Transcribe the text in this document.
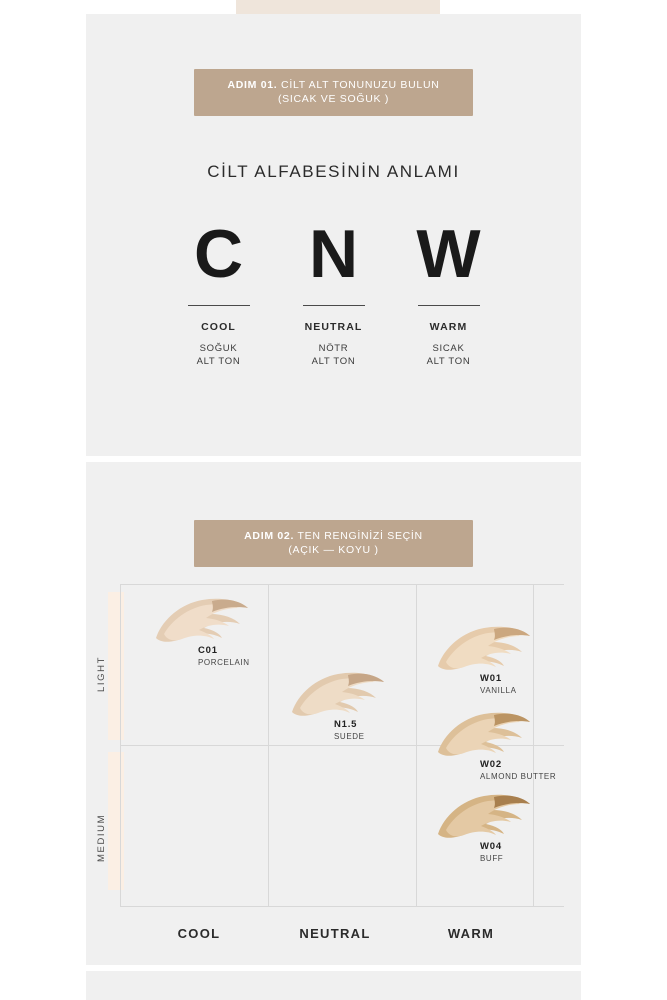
ADIM 01. CİLT ALT TONUNUZU BULUN
(SICAK VE SOĞUK )
CİLT ALFABESİNİN ANLAMI
C
COOL
SOĞUK
ALT TON
N
NEUTRAL
NÖTR
ALT TON
W
WARM
SICAK
ALT TON
ADIM 02. TEN RENGİNİZİ SEÇİN
(AÇIK — KOYU )
LIGHT
MEDIUM
C01
PORCELAIN
N1.5
SUEDE
W01
VANILLA
W02
ALMOND BUTTER
W04
BUFF
COOL	NEUTRAL	WARM
